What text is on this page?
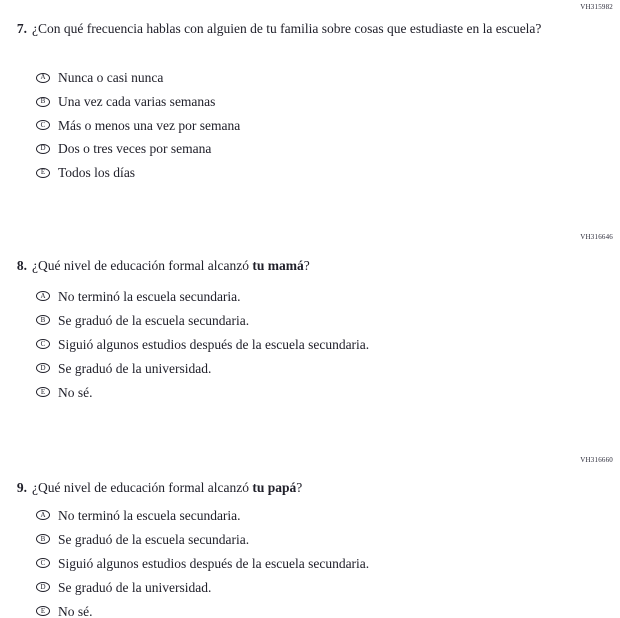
VH315982
7. ¿Con qué frecuencia hablas con alguien de tu familia sobre cosas que estudiaste en la escuela?
A Nunca o casi nunca
B Una vez cada varias semanas
C Más o menos una vez por semana
D Dos o tres veces por semana
E Todos los días
VH316646
8. ¿Qué nivel de educación formal alcanzó tu mamá?
A No terminó la escuela secundaria.
B Se graduó de la escuela secundaria.
C Siguió algunos estudios después de la escuela secundaria.
D Se graduó de la universidad.
E No sé.
VH316660
9. ¿Qué nivel de educación formal alcanzó tu papá?
A No terminó la escuela secundaria.
B Se graduó de la escuela secundaria.
C Siguió algunos estudios después de la escuela secundaria.
D Se graduó de la universidad.
E No sé.
